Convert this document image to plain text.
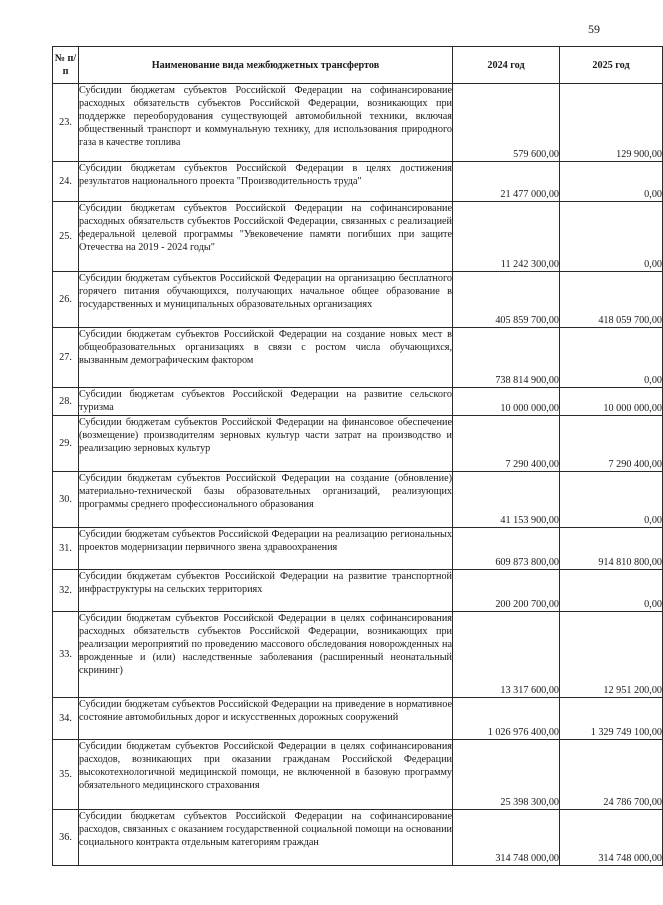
59
№ п/п	Наименование вида межбюджетных трансфертов	2024 год	2025 год
23.	Субсидии бюджетам субъектов Российской Федерации на софинансирование расходных обязательств субъектов Российской Федерации, возникающих при поддержке переоборудования существующей автомобильной техники, включая общественный транспорт и коммунальную технику, для использования природного газа в качестве топлива	579 600,00	129 900,00
24.	Субсидии бюджетам субъектов Российской Федерации в целях достижения результатов национального проекта "Производительность труда"	21 477 000,00	0,00
25.	Субсидии бюджетам субъектов Российской Федерации на софинансирование расходных обязательств субъектов Российской Федерации, связанных с реализацией федеральной целевой программы "Увековечение памяти погибших при защите Отечества на 2019 - 2024 годы"	11 242 300,00	0,00
26.	Субсидии бюджетам субъектов Российской Федерации на организацию бесплатного горячего питания обучающихся, получающих начальное общее образование в государственных и муниципальных образовательных организациях	405 859 700,00	418 059 700,00
27.	Субсидии бюджетам субъектов Российской Федерации на создание новых мест в общеобразовательных организациях в связи с ростом числа обучающихся, вызванным демографическим фактором	738 814 900,00	0,00
28.	Субсидии бюджетам субъектов Российской Федерации на развитие сельского туризма	10 000 000,00	10 000 000,00
29.	Субсидии бюджетам субъектов Российской Федерации на финансовое обеспечение (возмещение) производителям зерновых культур части затрат на производство и реализацию зерновых культур	7 290 400,00	7 290 400,00
30.	Субсидии бюджетам субъектов Российской Федерации на создание (обновление) материально-технической базы образовательных организаций, реализующих программы среднего профессионального образования	41 153 900,00	0,00
31.	Субсидии бюджетам субъектов Российской Федерации на реализацию региональных проектов модернизации первичного звена здравоохранения	609 873 800,00	914 810 800,00
32.	Субсидии бюджетам субъектов Российской Федерации на развитие транспортной инфраструктуры на сельских территориях	200 200 700,00	0,00
33.	Субсидии бюджетам субъектов Российской Федерации в целях софинансирования расходных обязательств субъектов Российской Федерации, возникающих при реализации мероприятий по проведению массового обследования новорожденных на врожденные и (или) наследственные заболевания (расширенный неонатальный скрининг)	13 317 600,00	12 951 200,00
34.	Субсидии бюджетам субъектов Российской Федерации на приведение в нормативное состояние автомобильных дорог и искусственных дорожных сооружений	1 026 976 400,00	1 329 749 100,00
35.	Субсидии бюджетам субъектов Российской Федерации в целях софинансирования расходов, возникающих при оказании гражданам Российской Федерации высокотехнологичной медицинской помощи, не включенной в базовую программу обязательного медицинского страхования	25 398 300,00	24 786 700,00
36.	Субсидии бюджетам субъектов Российской Федерации на софинансирование расходов, связанных с оказанием государственной социальной помощи на основании социального контракта отдельным категориям граждан	314 748 000,00	314 748 000,00
